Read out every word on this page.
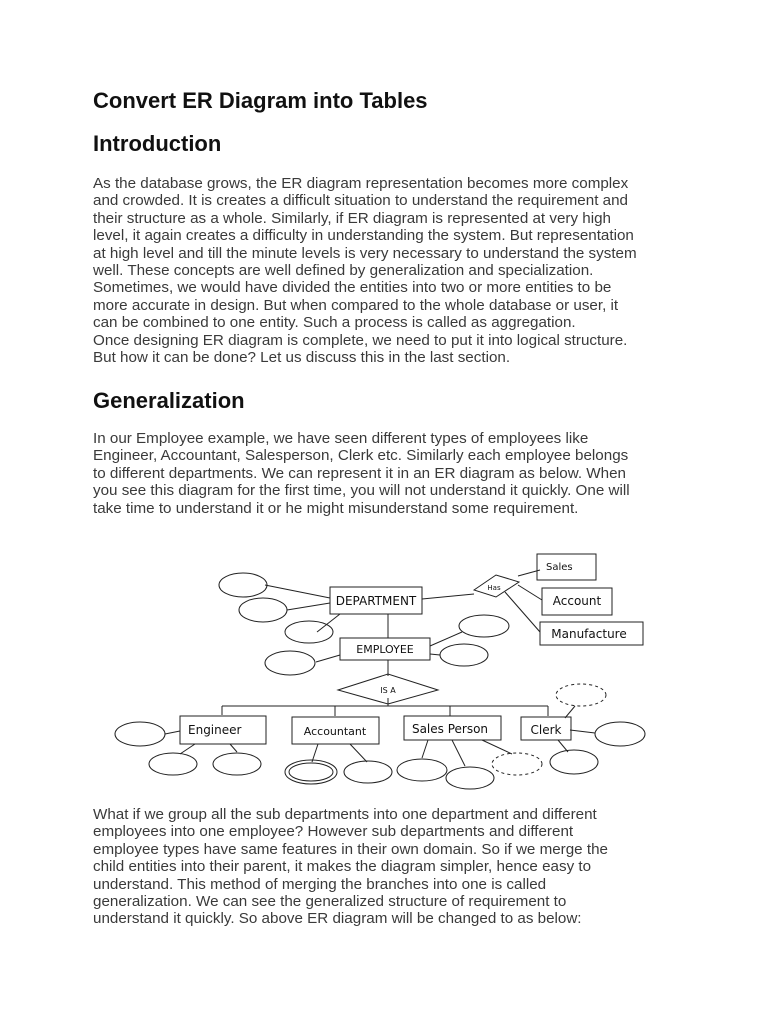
Convert ER Diagram into Tables
Introduction

As the database grows, the ER diagram representation becomes more complex
and crowded. It is creates a difficult situation to understand the requirement and
their structure as a whole. Similarly, if ER diagram is represented at very high
level, it again creates a difficulty in understanding the system. But representation
at high level and till the minute levels is very necessary to understand the system
well. These concepts are well defined by generalization and specialization.
Sometimes, we would have divided the entities into two or more entities to be
more accurate in design. But when compared to the whole database or user, it
can be combined to one entity. Such a process is called as aggregation.
Once designing ER diagram is complete, we need to put it into logical structure.
But how it can be done? Let us discuss this in the last section.

Generalization

In our Employee example, we have seen different types of employees like
Engineer, Accountant, Salesperson, Clerk etc. Similarly each employee belongs
to different departments. We can represent it in an ER diagram as below. When
you see this diagram for the first time, you will not understand it quickly. One will
take time to understand it or he might misunderstand some requirement.

What if we group all the sub departments into one department and different
employees into one employee? However sub departments and different
employee types have same features in their own domain. So if we merge the
child entities into their parent, it makes the diagram simpler, hence easy to
understand. This method of merging the branches into one is called
generalization. We can see the generalized structure of requirement to
understand it quickly. So above ER diagram will be changed to as below:

DEPARTMENT
EMPLOYEE
Sales
Account
Manufacture
Has
IS A
Engineer	Accountant	Sales Person	Clerk
